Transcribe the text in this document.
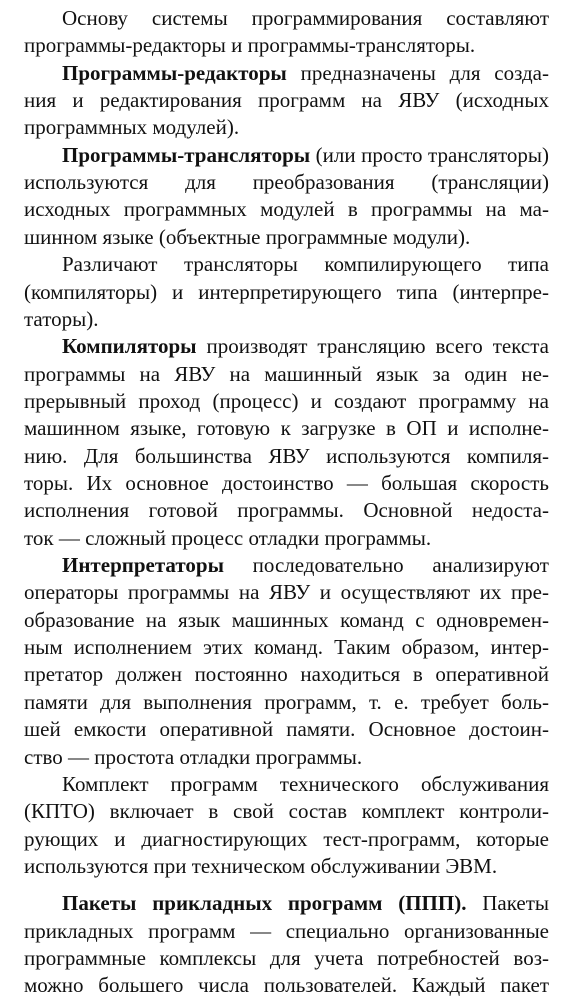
Основу системы программирования составляют
программы-редакторы и программы-трансляторы.
Программы-редакторы предназначены для созда-
ния и редактирования программ на ЯВУ (исходных
программных модулей).
Программы-трансляторы (или просто трансляторы)
используются для преобразования (трансляции)
исходных программных модулей в программы на ма-
шинном языке (объектные программные модули).
Различают трансляторы компилирующего типа
(компиляторы) и интерпретирующего типа (интерпре-
таторы).
Компиляторы производят трансляцию всего текста
программы на ЯВУ на машинный язык за один не-
прерывный проход (процесс) и создают программу на
машинном языке, готовую к загрузке в ОП и исполне-
нию. Для большинства ЯВУ используются компиля-
торы. Их основное достоинство — большая скорость
исполнения готовой программы. Основной недоста-
ток — сложный процесс отладки программы.
Интерпретаторы последовательно анализируют
операторы программы на ЯВУ и осуществляют их пре-
образование на язык машинных команд с одновремен-
ным исполнением этих команд. Таким образом, интер-
претатор должен постоянно находиться в оперативной
памяти для выполнения программ, т. е. требует боль-
шей емкости оперативной памяти. Основное достоин-
ство — простота отладки программы.
Комплект программ технического обслуживания
(КПТО) включает в свой состав комплект контроли-
рующих и диагностирующих тест-программ, которые
используются при техническом обслуживании ЭВМ.
Пакеты прикладных программ (ППП). Пакеты
прикладных программ — специально организованные
программные комплексы для учета потребностей воз-
можно большего числа пользователей. Каждый пакет
